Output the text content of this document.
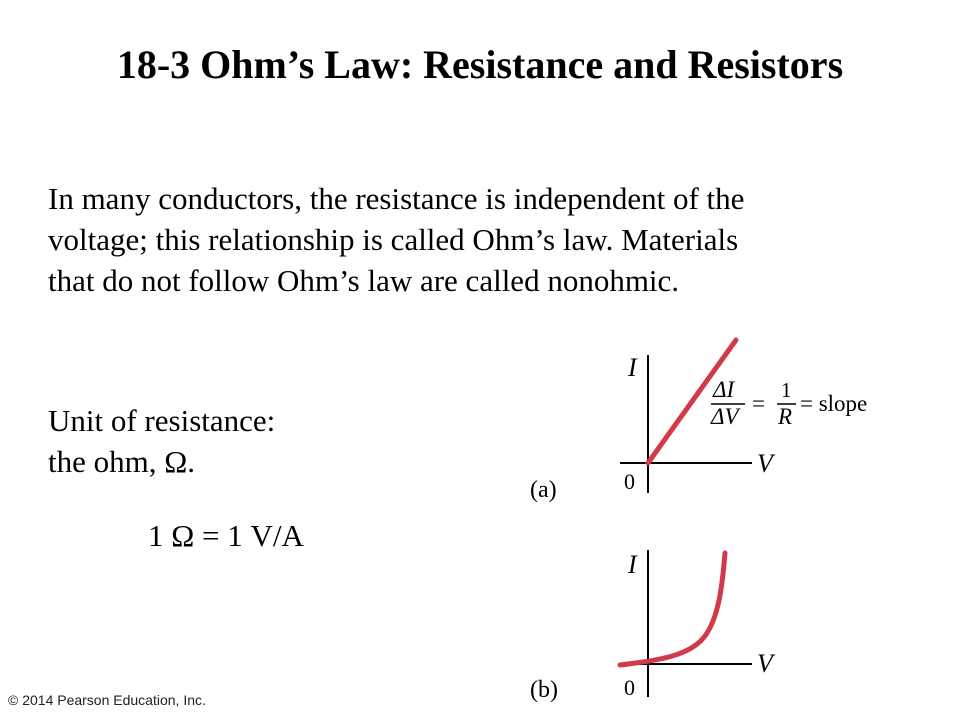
18-3 Ohm’s Law: Resistance and Resistors
In many conductors, the resistance is independent of the
voltage; this relationship is called Ohm’s law. Materials
that do not follow Ohm’s law are called nonohmic.
Unit of resistance:
the ohm, Ω.
1 Ω = 1 V/A
I
V
0
(a)
ΔI
ΔV
=
1
R
= slope
I
V
0
(b)
© 2014 Pearson Education, Inc.
